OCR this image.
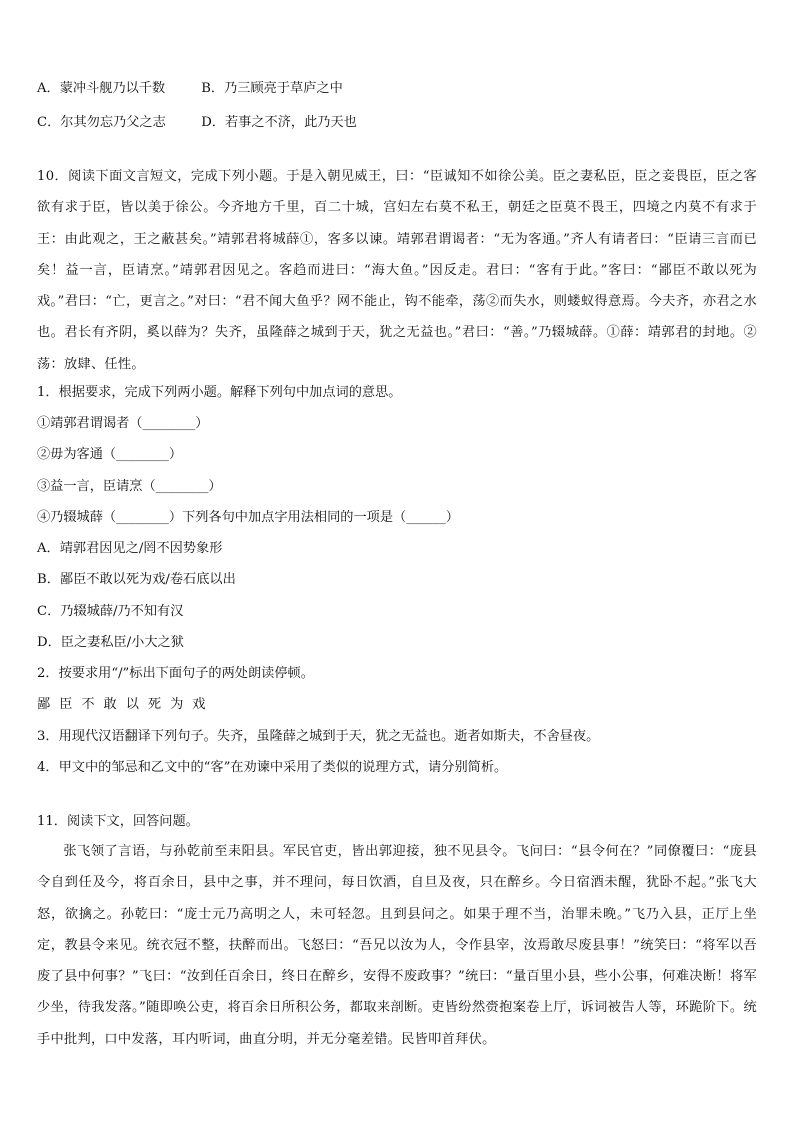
A．蒙冲斗舰乃以千数	B．乃三顾亮于草庐之中
C．尔其勿忘乃父之志	D．若事之不济，此乃天也
10．阅读下面文言短文，完成下列小题。于是入朝见威王，曰：“臣诚知不如徐公美。臣之妻私臣，臣之妾畏臣，臣之客欲有求于臣，皆以美于徐公。今齐地方千里，百二十城，宫妇左右莫不私王，朝廷之臣莫不畏王，四境之内莫不有求于王：由此观之，王之蔽甚矣。”靖郭君将城薛①，客多以谏。靖郭君谓谒者：“无为客通。”齐人有请者曰：“臣请三言而已矣！益一言，臣请烹。”靖郭君因见之。客趋而进曰：“海大鱼。”因反走。君曰：“客有于此。”客曰：“鄙臣不敢以死为戏。”君曰：“亡，更言之。”对曰：“君不闻大鱼乎？网不能止，钩不能牵，荡②而失水，则蝼蚁得意焉。今夫齐，亦君之水也。君长有齐阴，奚以薛为？失齐，虽隆薛之城到于天，犹之无益也。”君曰：“善。”乃辍城薛。①薛：靖郭君的封地。②荡：放肆、任性。
1．根据要求，完成下列两小题。解释下列句中加点词的意思。
①靖郭君谓谒者（________）
②毋为客通（________）
③益一言，臣请烹（________）
④乃辍城薛（________）下列各句中加点字用法相同的一项是（______）
A．靖郭君因见之/罔不因势象形
B．鄙臣不敢以死为戏/卷石底以出
C．乃辍城薛/乃不知有汉
D．臣之妻私臣/小大之狱
2．按要求用“/”标出下面句子的两处朗读停顿。
鄙臣不敢以死为戏
3．用现代汉语翻译下列句子。失齐，虽隆薛之城到于天，犹之无益也。逝者如斯夫，不舍昼夜。
4．甲文中的邹忌和乙文中的“客”在劝谏中采用了类似的说理方式，请分别简析。
11．阅读下文，回答问题。
张飞领了言语，与孙乾前至耒阳县。军民官吏，皆出郭迎接，独不见县令。飞问曰：“县令何在？”同僚覆曰：“庞县令自到任及今，将百余日，县中之事，并不理问，每日饮酒，自旦及夜，只在醉乡。今日宿酒未醒，犹卧不起。”张飞大怒，欲擒之。孙乾曰：“庞士元乃高明之人，未可轻忽。且到县问之。如果于理不当，治罪未晚。”飞乃入县，正厅上坐定，教县令来见。统衣冠不整，扶醉而出。飞怒曰：“吾兄以汝为人，令作县宰，汝焉敢尽废县事！”统笑曰：“将军以吾废了县中何事？”飞曰：“汝到任百余日，终日在醉乡，安得不废政事？”统曰：“量百里小县，些小公事，何难决断！将军少坐，待我发落。”随即唤公吏，将百余日所积公务，都取来剖断。吏皆纷然赍抱案卷上厅，诉词被告人等，环跪阶下。统手中批判，口中发落，耳内听词，曲直分明，并无分毫差错。民皆叩首拜伏。
